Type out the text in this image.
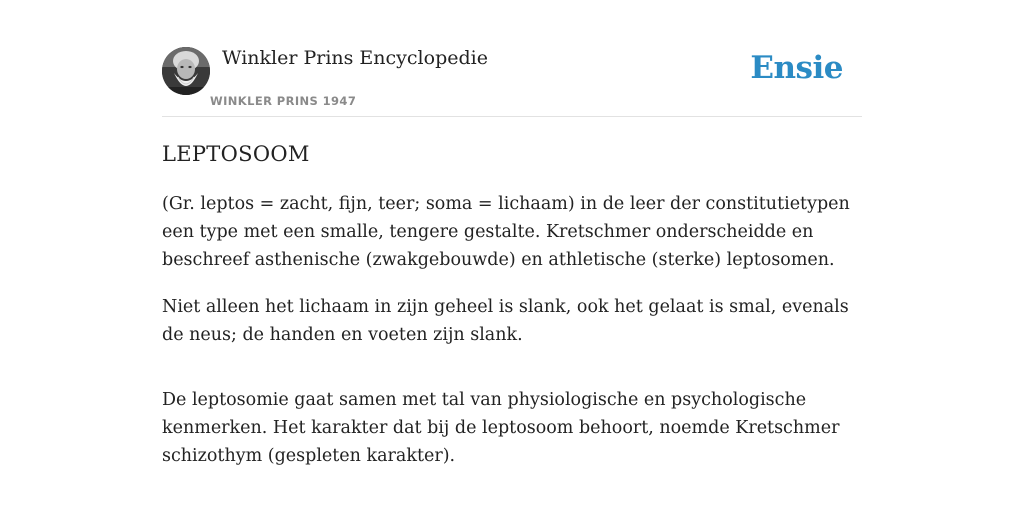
Winkler Prins Encyclopedie
WINKLER PRINS 1947
Ensie
LEPTOSOOM

(Gr. leptos = zacht, fijn, teer; soma = lichaam) in de leer der constitutietypen een type met een smalle, tengere gestalte. Kretschmer onderscheidde en beschreef asthenische (zwakgebouwde) en athletische (sterke) leptosomen.

Niet alleen het lichaam in zijn geheel is slank, ook het gelaat is smal, evenals de neus; de handen en voeten zijn slank.

De leptosomie gaat samen met tal van physiologische en psychologische kenmerken. Het karakter dat bij de leptosoom behoort, noemde Kretschmer schizothym (gespleten karakter).
